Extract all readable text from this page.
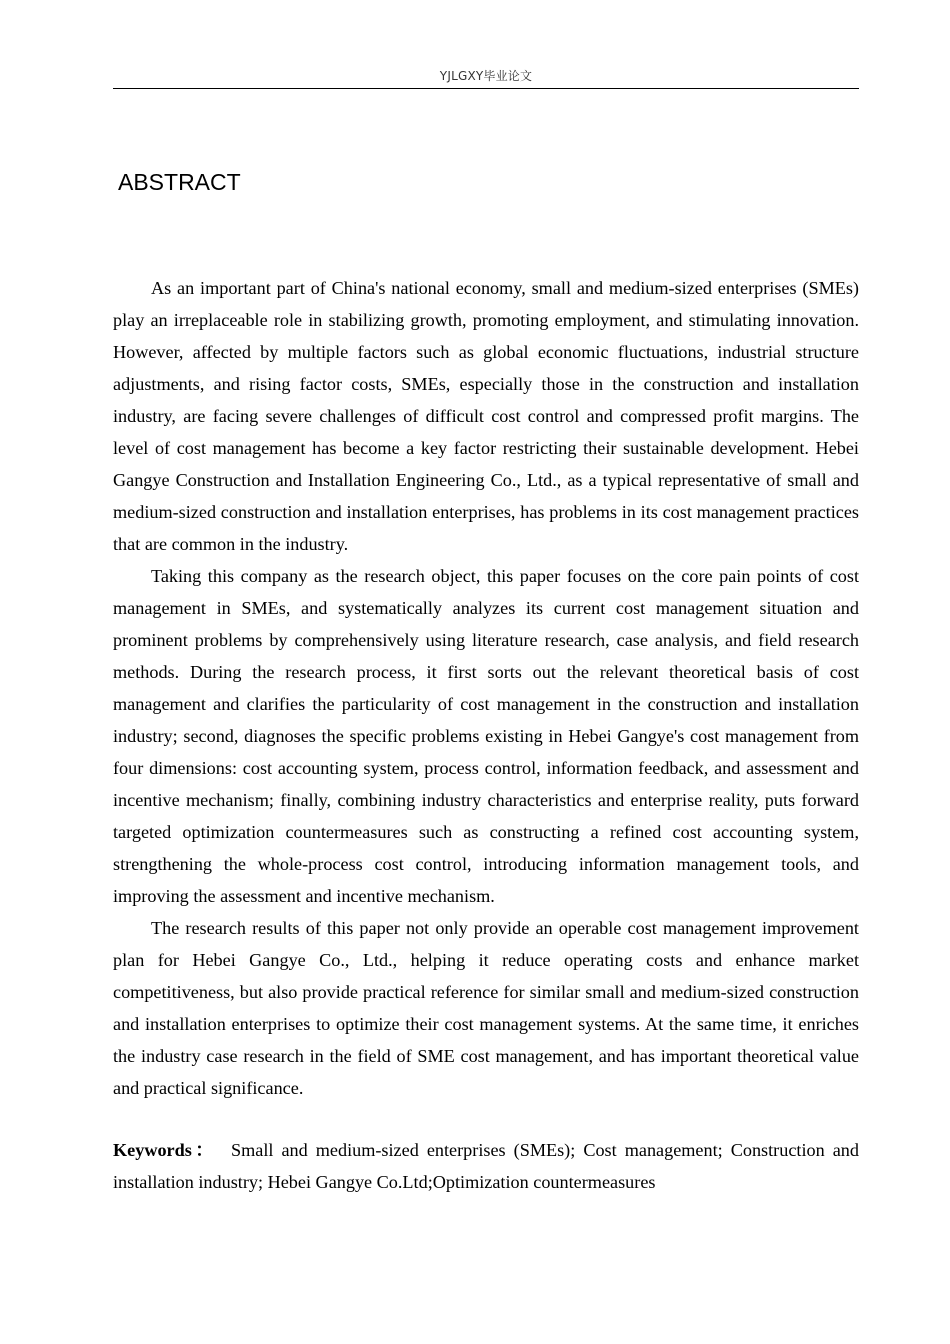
YJLGXY毕业论文
ABSTRACT

As an important part of China's national economy, small and medium-sized enterprises (SMEs) play an irreplaceable role in stabilizing growth, promoting employment, and stimulating innovation. However, affected by multiple factors such as global economic fluctuations, industrial structure adjustments, and rising factor costs, SMEs, especially those in the construction and installation industry, are facing severe challenges of difficult cost control and compressed profit margins. The level of cost management has become a key factor restricting their sustainable development. Hebei Gangye Construction and Installation Engineering Co., Ltd., as a typical representative of small and medium-sized construction and installation enterprises, has problems in its cost management practices that are common in the industry.

Taking this company as the research object, this paper focuses on the core pain points of cost management in SMEs, and systematically analyzes its current cost management situation and prominent problems by comprehensively using literature research, case analysis, and field research methods. During the research process, it first sorts out the relevant theoretical basis of cost management and clarifies the particularity of cost management in the construction and installation industry; second, diagnoses the specific problems existing in Hebei Gangye's cost management from four dimensions: cost accounting system, process control, information feedback, and assessment and incentive mechanism; finally, combining industry characteristics and enterprise reality, puts forward targeted optimization countermeasures such as constructing a refined cost accounting system, strengthening the whole-process cost control, introducing information management tools, and improving the assessment and incentive mechanism.

The research results of this paper not only provide an operable cost management improvement plan for Hebei Gangye Co., Ltd., helping it reduce operating costs and enhance market competitiveness, but also provide practical reference for similar small and medium-sized construction and installation enterprises to optimize their cost management systems. At the same time, it enriches the industry case research in the field of SME cost management, and has important theoretical value and practical significance.

Keywords： Small and medium-sized enterprises (SMEs); Cost management; Construction and installation industry; Hebei Gangye Co.Ltd;Optimization countermeasures
